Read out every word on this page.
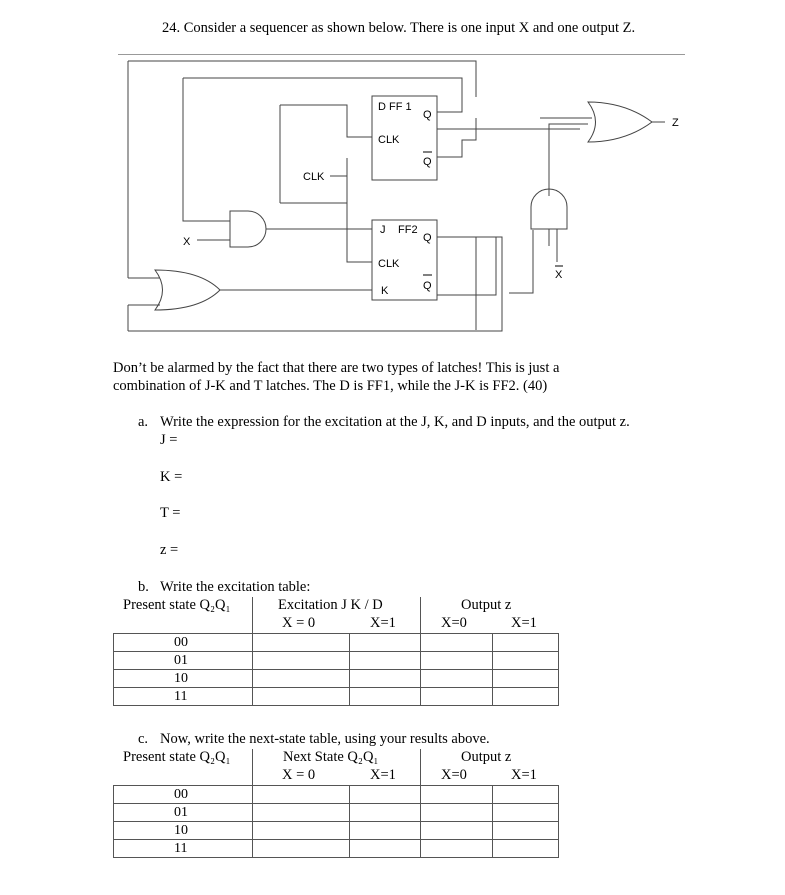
24. Consider a sequencer as shown below. There is one input X and one output Z.
D FF 1
Q
CLK
Q
CLK
J FF2
Q
CLK
K	Q
X
X
Z
Don’t be alarmed by the fact that there are two types of latches! This is just a
combination of J-K and T latches. The D is FF1, while the J-K is FF2. (40)
a. Write the expression for the excitation at the J, K, and D inputs, and the output z.
J =
K =
T =
z =
b. Write the excitation table:
Present state Q₂Q₁	Excitation J K / D	Output z
X = 0	X=1	X=0	X=1
00				
01				
10				
11				
c. Now, write the next-state table, using your results above.
Present state Q₂Q₁	Next State Q₂Q₁	Output z
X = 0	X=1	X=0	X=1
00				
01				
10				
11				
